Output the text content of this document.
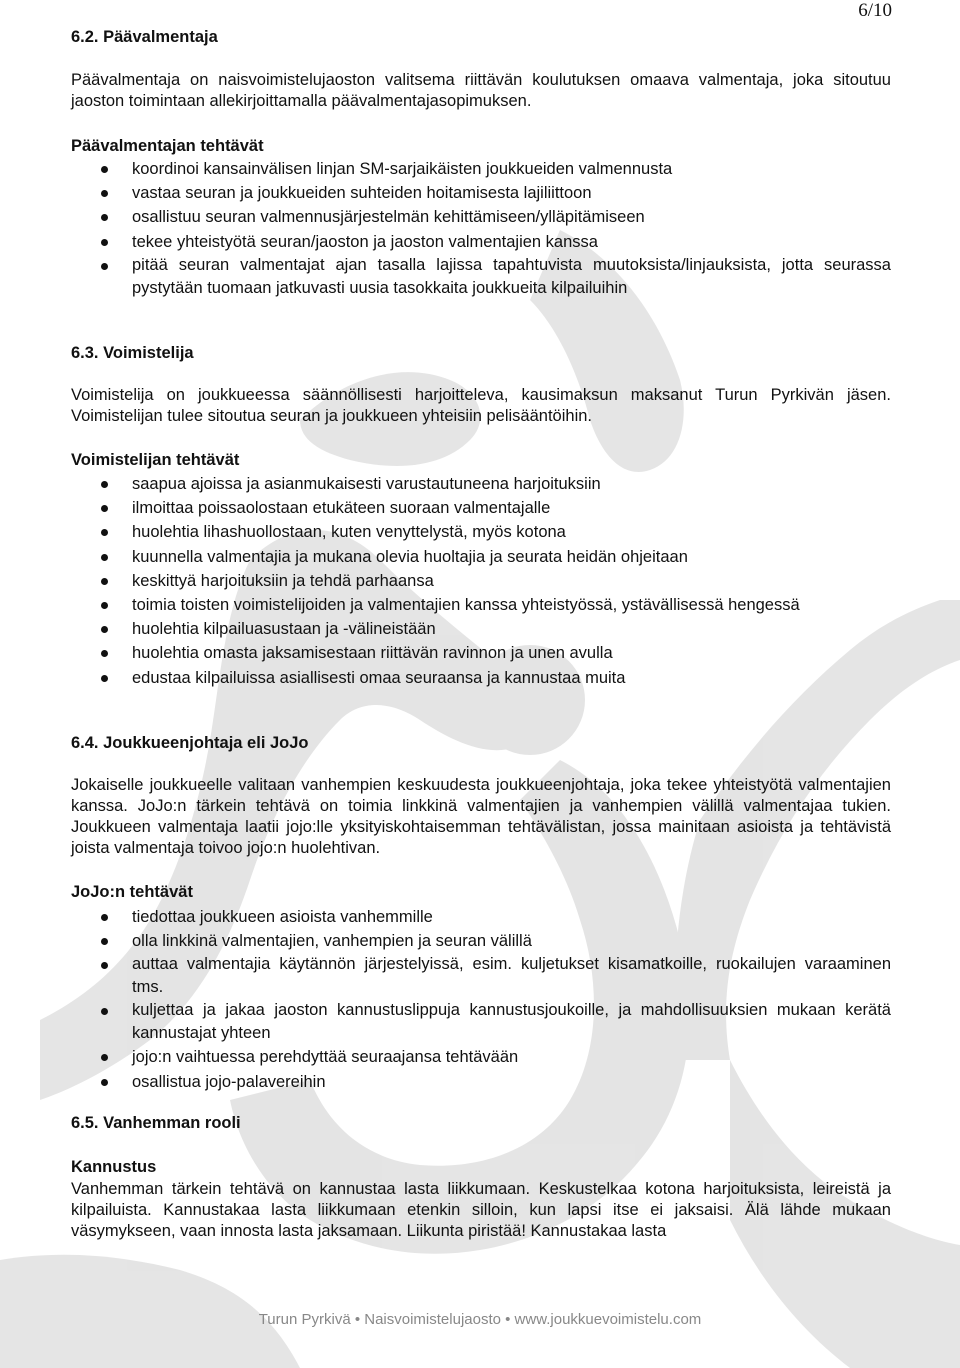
6/10
6.2. Päävalmentaja

Päävalmentaja on naisvoimistelujaoston valitsema riittävän koulutuksen omaava valmentaja, joka sitoutuu jaoston toimintaan allekirjoittamalla päävalmentajasopimuksen.

Päävalmentajan tehtävät
koordinoi kansainvälisen linjan SM-sarjaikäisten joukkueiden valmennusta
vastaa seuran ja joukkueiden suhteiden hoitamisesta lajiliittoon
osallistuu seuran valmennusjärjestelmän kehittämiseen/ylläpitämiseen
tekee yhteistyötä seuran/jaoston ja jaoston valmentajien kanssa
pitää seuran valmentajat ajan tasalla lajissa tapahtuvista muutoksista/linjauksista, jotta seurassa pystytään tuomaan jatkuvasti uusia tasokkaita joukkueita kilpailuihin
6.3. Voimistelija

Voimistelija on joukkueessa säännöllisesti harjoitteleva, kausimaksun maksanut Turun Pyrkivän jäsen. Voimistelijan tulee sitoutua seuran ja joukkueen yhteisiin pelisääntöihin.

Voimistelijan tehtävät
saapua ajoissa ja asianmukaisesti varustautuneena harjoituksiin
ilmoittaa poissaolostaan etukäteen suoraan valmentajalle
huolehtia lihashuollostaan, kuten venyttelystä, myös kotona
kuunnella valmentajia ja mukana olevia huoltajia ja seurata heidän ohjeitaan
keskittyä harjoituksiin ja tehdä parhaansa
toimia toisten voimistelijoiden ja valmentajien kanssa yhteistyössä, ystävällisessä hengessä
huolehtia kilpailuasustaan ja -välineistään
huolehtia omasta jaksamisestaan riittävän ravinnon ja unen avulla
edustaa kilpailuissa asiallisesti omaa seuraansa ja kannustaa muita
6.4. Joukkueenjohtaja eli JoJo

Jokaiselle joukkueelle valitaan vanhempien keskuudesta joukkueenjohtaja, joka tekee yhteistyötä valmentajien kanssa. JoJo:n tärkein tehtävä on toimia linkkinä valmentajien ja vanhempien välillä valmentajaa tukien. Joukkueen valmentaja laatii jojo:lle yksityiskohtaisemman tehtävälistan, jossa mainitaan asioista ja tehtävistä joista valmentaja toivoo jojo:n huolehtivan.

JoJo:n tehtävät
tiedottaa joukkueen asioista vanhemmille
olla linkkinä valmentajien, vanhempien ja seuran välillä
auttaa valmentajia käytännön järjestelyissä, esim. kuljetukset kisamatkoille, ruokailujen varaaminen tms.
kuljettaa ja jakaa jaoston kannustuslippuja kannustusjoukoille, ja mahdollisuuksien mukaan kerätä kannustajat yhteen
jojo:n vaihtuessa perehdyttää seuraajansa tehtävään
osallistua jojo-palavereihin
6.5. Vanhemman rooli
Kannustus

Vanhemman tärkein tehtävä on kannustaa lasta liikkumaan. Keskustelkaa kotona harjoituksista, leireistä ja kilpailuista. Kannustakaa lasta liikkumaan etenkin silloin, kun lapsi itse ei jaksaisi. Älä lähde mukaan väsymykseen, vaan innosta lasta jaksamaan. Liikunta piristää! Kannustakaa lasta

Turun Pyrkivä • Naisvoimistelujaosto • www.joukkuevoimistelu.com
